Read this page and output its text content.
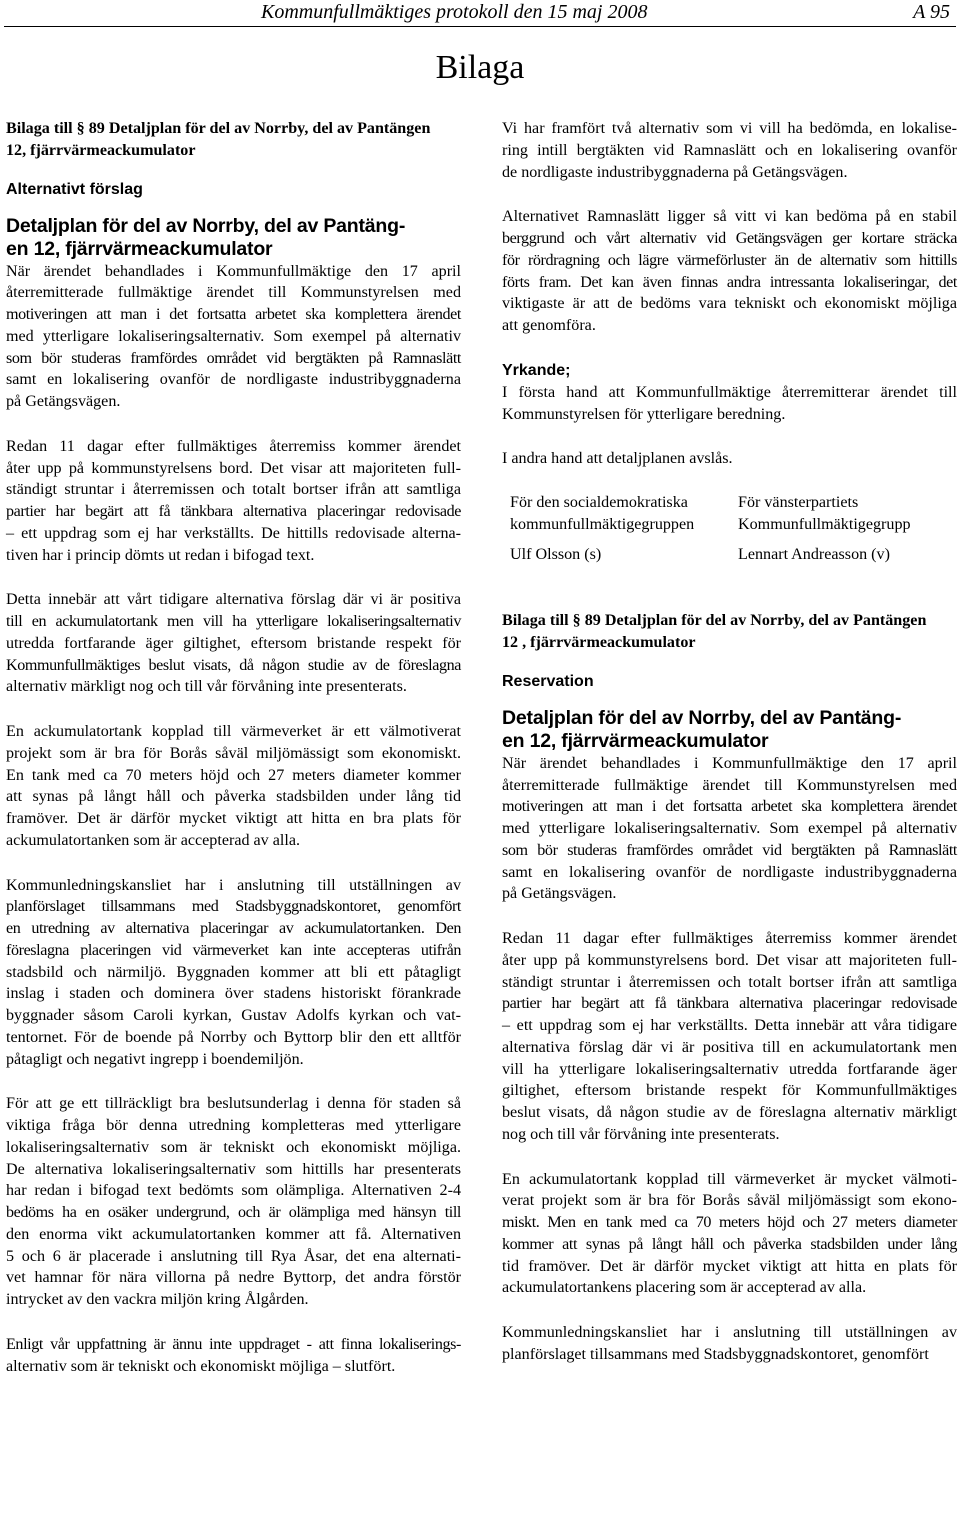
Kommunfullmäktiges protokoll den 15 maj 2008	A 95
Bilaga

Bilaga till § 89 Detaljplan för del av Norrby, del av Pantängen

12, fjärrvärmeackumulator

Alternativt förslag

Detaljplan för del av Norrby, del av Pantäng-

en 12, fjärrvärmeackumulator

När ärendet behandlades i Kommunfullmäktige den 17 april

återremitterade fullmäktige ärendet till Kommunstyrelsen med

motiveringen att man i det fortsatta arbetet ska komplettera ärendet

med ytterligare lokaliseringsalternativ. Som exempel på alternativ

som bör studeras framfördes området vid bergtäkten på Ramnaslätt

samt en lokalisering ovanför de nordligaste industribyggnaderna

på Getängsvägen.

Redan 11 dagar efter fullmäktiges återremiss kommer ärendet

åter upp på kommunstyrelsens bord. Det visar att majoriteten full-

ständigt struntar i återremissen och totalt bortser ifrån att samtliga

partier har begärt att få tänkbara alternativa placeringar redovisade

– ett uppdrag som ej har verkställts. De hittills redovisade alterna-

tiven har i princip dömts ut redan i bifogad text.

Detta innebär att vårt tidigare alternativa förslag där vi är positiva

till en ackumulatortank men vill ha ytterligare lokaliseringsalternativ

utredda fortfarande äger giltighet, eftersom bristande respekt för

Kommunfullmäktiges beslut visats, då någon studie av de föreslagna

alternativ märkligt nog och till vår förvåning inte presenterats.

En ackumulatortank kopplad till värmeverket är ett välmotiverat

projekt som är bra för Borås såväl miljömässigt som ekonomiskt.

En tank med ca 70 meters höjd och 27 meters diameter kommer

att synas på långt håll och påverka stadsbilden under lång tid

framöver. Det är därför mycket viktigt att hitta en bra plats för

ackumulatortanken som är accepterad av alla.

Kommunledningskansliet har i anslutning till utställningen av

planförslaget tillsammans med Stadsbyggnadskontoret, genomfört

en utredning av alternativa placeringar av ackumulatortanken. Den

föreslagna placeringen vid värmeverket kan inte accepteras utifrån

stadsbild och närmiljö. Byggnaden kommer att bli ett påtagligt

inslag i staden och dominera över stadens historiskt förankrade

byggnader såsom Caroli kyrkan, Gustav Adolfs kyrkan och vat-

tentornet. För de boende på Norrby och Byttorp blir den ett alltför

påtagligt och negativt ingrepp i boendemiljön.

För att ge ett tillräckligt bra beslutsunderlag i denna för staden så

viktiga fråga bör denna utredning kompletteras med ytterligare

lokaliseringsalternativ som är tekniskt och ekonomiskt möjliga.

De alternativa lokaliseringsalternativ som hittills har presenterats

har redan i bifogad text bedömts som olämpliga. Alternativen 2-4

bedöms ha en osäker undergrund, och är olämpliga med hänsyn till

den enorma vikt ackumulatortanken kommer att få. Alternativen

5 och 6 är placerade i anslutning till Rya Åsar, det ena alternati-

vet hamnar för nära villorna på nedre Byttorp, det andra förstör

intrycket av den vackra miljön kring Ålgården.

Enligt vår uppfattning är ännu inte uppdraget - att finna lokaliserings-

alternativ som är tekniskt och ekonomiskt möjliga – slutfört.

Vi har framfört två alternativ som vi vill ha bedömda, en lokalise-

ring intill bergtäkten vid Ramnaslätt och en lokalisering ovanför

de nordligaste industribyggnaderna på Getängsvägen.

Alternativet Ramnaslätt ligger så vitt vi kan bedöma på en stabil

berggrund och vårt alternativ vid Getängsvägen ger kortare sträcka

för rördragning och lägre värmeförluster än de alternativ som hittills

förts fram. Det kan även finnas andra intressanta lokaliseringar, det

viktigaste är att de bedöms vara tekniskt och ekonomiskt möjliga

att genomföra.

Yrkande;

I första hand att Kommunfullmäktige återremitterar ärendet till

Kommunstyrelsen för ytterligare beredning.

I andra hand att detaljplanen avslås.

För den socialdemokratiska	För vänsterpartiets
kommunfullmäktigegruppen	Kommunfullmäktigegrupp
Ulf Olsson (s)	Lennart Andreasson (v)

Bilaga till § 89 Detaljplan för del av Norrby, del av Pantängen

12 , fjärrvärmeackumulator

Reservation

Detaljplan för del av Norrby, del av Pantäng-

en 12, fjärrvärmeackumulator

När ärendet behandlades i Kommunfullmäktige den 17 april

återremitterade fullmäktige ärendet till Kommunstyrelsen med

motiveringen att man i det fortsatta arbetet ska komplettera ärendet

med ytterligare lokaliseringsalternativ. Som exempel på alternativ

som bör studeras framfördes området vid bergtäkten på Ramnaslätt

samt en lokalisering ovanför de nordligaste industribyggnaderna

på Getängsvägen.

Redan 11 dagar efter fullmäktiges återremiss kommer ärendet

åter upp på kommunstyrelsens bord. Det visar att majoriteten full-

ständigt struntar i återremissen och totalt bortser ifrån att samtliga

partier har begärt att få tänkbara alternativa placeringar redovisade

– ett uppdrag som ej har verkställts. Detta innebär att våra tidigare

alternativa förslag där vi är positiva till en ackumulatortank men

vill ha ytterligare lokaliseringsalternativ utredda fortfarande äger

giltighet, eftersom bristande respekt för Kommunfullmäktiges

beslut visats, då någon studie av de föreslagna alternativ märkligt

nog och till vår förvåning inte presenterats.

En ackumulatortank kopplad till värmeverket är mycket välmoti-

verat projekt som är bra för Borås såväl miljömässigt som ekono-

miskt. Men en tank med ca 70 meters höjd och 27 meters diameter

kommer att synas på långt håll och påverka stadsbilden under lång

tid framöver. Det är därför mycket viktigt att hitta en plats för

ackumulatortankens placering som är accepterad av alla.

Kommunledningskansliet har i anslutning till utställningen av

planförslaget tillsammans med Stadsbyggnadskontoret, genomfört
